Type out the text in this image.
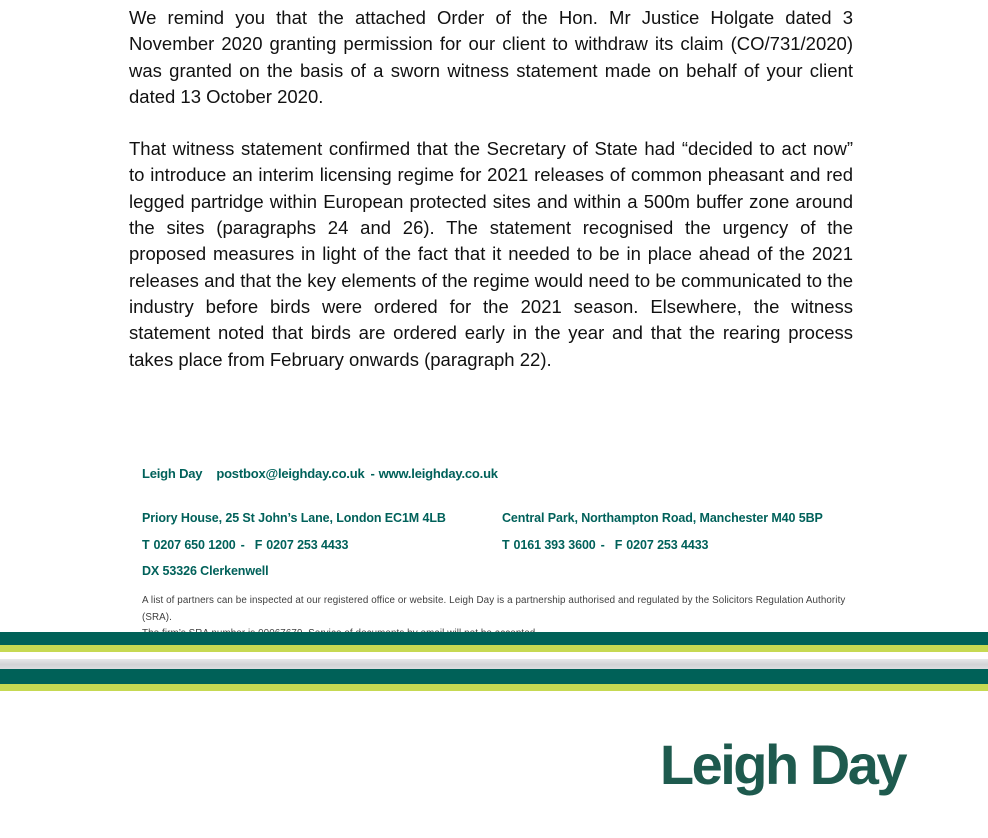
We remind you that the attached Order of the Hon. Mr Justice Holgate dated 3 November 2020 granting permission for our client to withdraw its claim (CO/731/2020) was granted on the basis of a sworn witness statement made on behalf of your client dated 13 October 2020.

That witness statement confirmed that the Secretary of State had “decided to act now” to introduce an interim licensing regime for 2021 releases of common pheasant and red legged partridge within European protected sites and within a 500m buffer zone around the sites (paragraphs 24 and 26). The statement recognised the urgency of the proposed measures in light of the fact that it needed to be in place ahead of the 2021 releases and that the key elements of the regime would need to be communicated to the industry before birds were ordered for the 2021 season. Elsewhere, the witness statement noted that birds are ordered early in the year and that the rearing process takes place from February onwards (paragraph 22).

Leigh Day postbox@leighday.co.uk - www.leighday.co.uk
Priory House, 25 St John’s Lane, London EC1M 4LB
T 0207 650 1200 - F 0207 253 4433
DX 53326 Clerkenwell
Central Park, Northampton Road, Manchester M40 5BP
T 0161 393 3600 - F 0207 253 4433
A list of partners can be inspected at our registered office or website. Leigh Day is a partnership authorised and regulated by the Solicitors Regulation Authority (SRA).
Leigh Day
